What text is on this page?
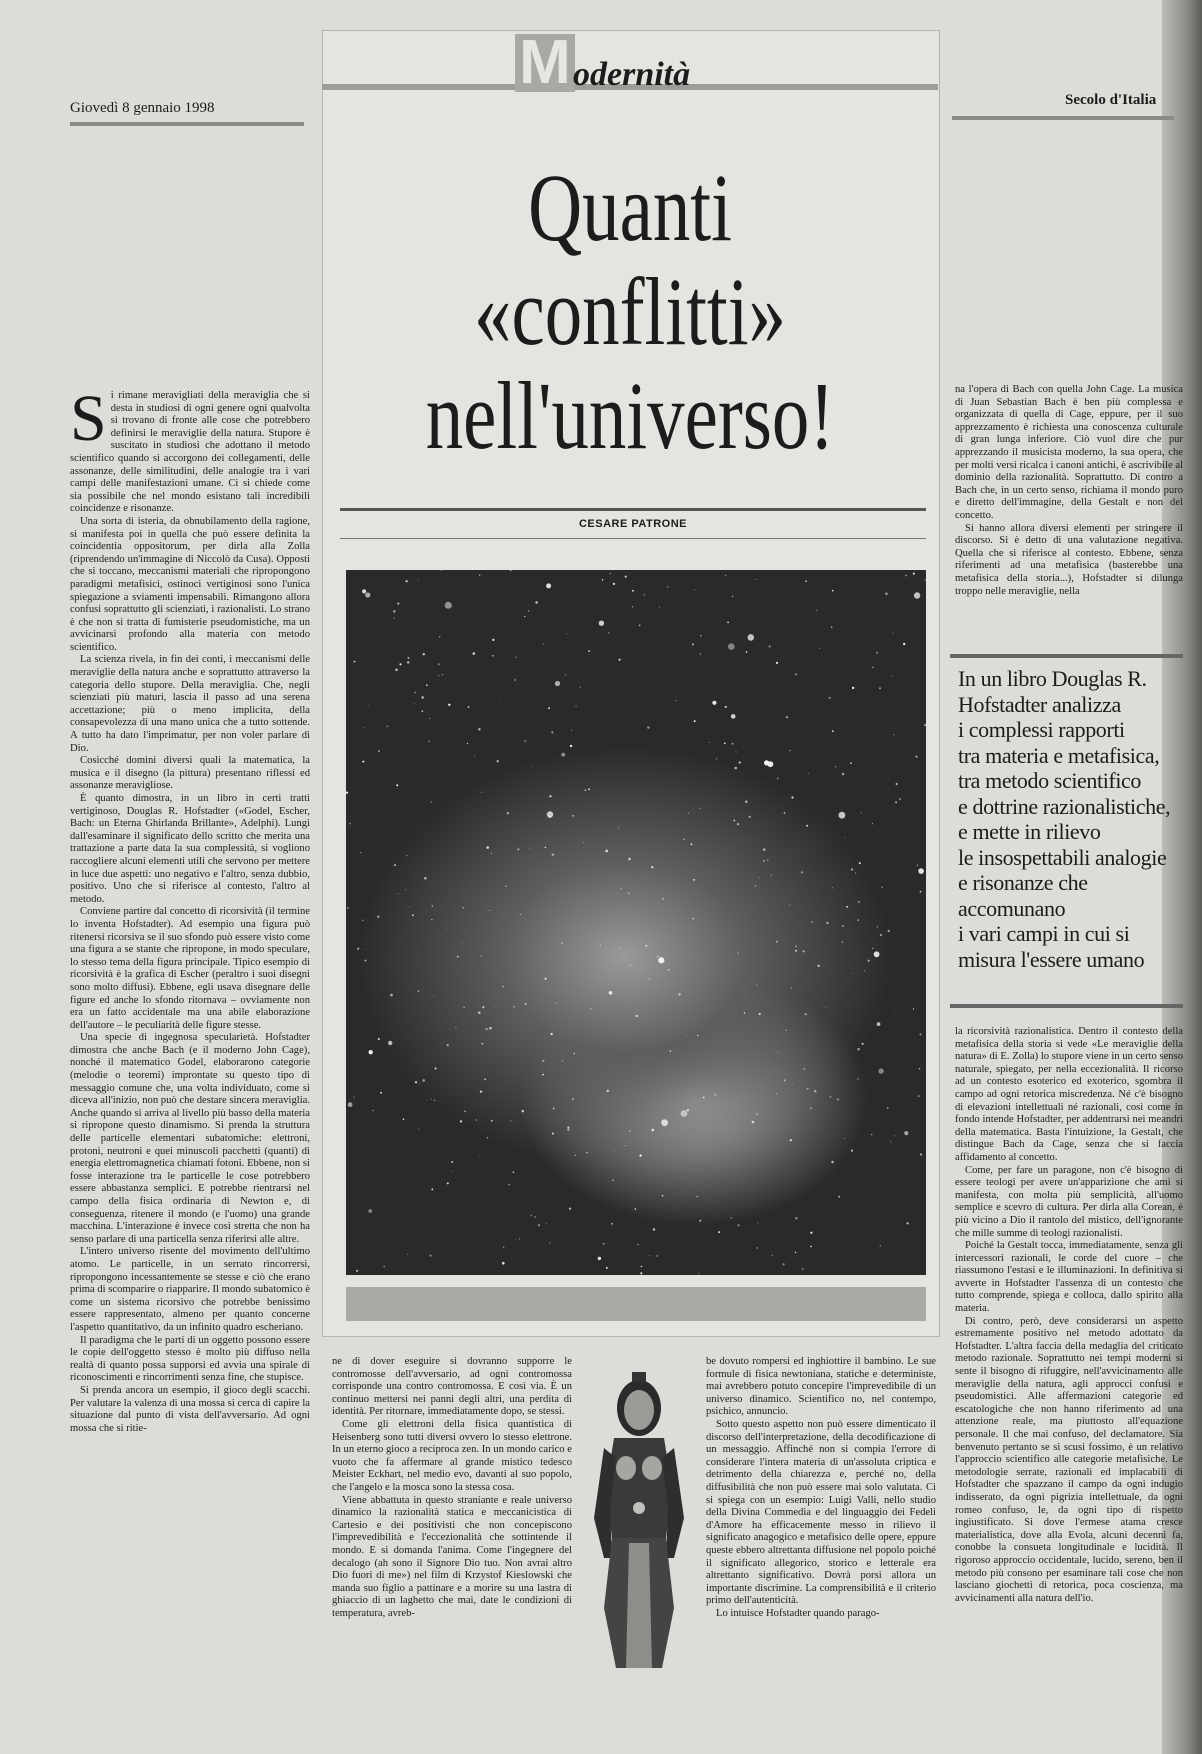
Giovedì 8 gennaio 1998	Secolo d'Italia
M odernità
Quanti
«conflitti»
nell'universo!
CESARE PATRONE

Si rimane meravigliati della meraviglia che si desta in studiosi di ogni genere ogni qualvolta si trovano di fronte alle cose che potrebbero definirsi le meraviglie della natura. Stupore è suscitato in studiosi che adottano il metodo scientifico quando si accorgono dei collegamenti, delle assonanze, delle similitudini, delle analogie tra i vari campi delle manifestazioni umane. Ci si chiede come sia possibile che nel mondo esistano tali incredibili coincidenze e risonanze.

Una sorta di isteria, da obnubilamento della ragione, si manifesta poi in quella che può essere definita la coincidentia oppositorum, per dirla alla Zolla (riprendendo un'immagine di Niccolò da Cusa). Opposti che si toccano, meccanismi materiali che ripropongono paradigmi metafisici, ostinoci vertiginosi sono l'unica spiegazione a sviamenti impensabili. Rimangono allora confusi soprattutto gli scienziati, i razionalisti. Lo strano è che non si tratta di fumisterie pseudomistiche, ma un avvicinarsi profondo alla materia con metodo scientifico.

La scienza rivela, in fin dei conti, i meccanismi delle meraviglie della natura anche e soprattutto attraverso la categoria dello stupore. Della meraviglia. Che, negli scienziati più maturi, lascia il passo ad una serena accettazione; più o meno implicita, della consapevolezza di una mano unica che a tutto sottende. A tutto ha dato l'imprimatur, per non voler parlare di Dio.

Cosicché domini diversi quali la matematica, la musica e il disegno (la pittura) presentano riflessi ed assonanze meravigliose.

È quanto dimostra, in un libro in certi tratti vertiginoso, Douglas R. Hofstadter («Godel, Escher, Bach: un Eterna Ghirlanda Brillante», Adelphi). Lungi dall'esaminare il significato dello scritto che merita una trattazione a parte data la sua complessità, si vogliono raccogliere alcuni elementi utili che servono per mettere in luce due aspetti: uno negativo e l'altro, senza dubbio, positivo. Uno che si riferisce al contesto, l'altro al metodo.

Conviene partire dal concetto di ricorsività (il termine lo inventa Hofstadter). Ad esempio una figura può ritenersi ricorsiva se il suo sfondo può essere visto come una figura a se stante che ripropone, in modo speculare, lo stesso tema della figura principale. Tipico esempio di ricorsività è la grafica di Escher (peraltro i suoi disegni sono molto diffusi). Ebbene, egli usava disegnare delle figure ed anche lo sfondo ritornava – ovviamente non era un fatto accidentale ma una abile elaborazione dell'autore – le peculiarità delle figure stesse.

Una specie di ingegnosa specularietà. Hofstadter dimostra che anche Bach (e il moderno John Cage), nonché il matematico Godel, elaborarono categorie (melodie o teoremi) improntate su questo tipo di messaggio comune che, una volta individuato, come si diceva all'inizio, non può che destare sincera meraviglia. Anche quando si arriva al livello più basso della materia si ripropone questo dinamismo. Si prenda la struttura delle particelle elementari subatomiche: elettroni, protoni, neutroni e quei minuscoli pacchetti (quanti) di energia elettromagnetica chiamati fotoni. Ebbene, non si fosse interazione tra le particelle le cose potrebbero essere abbastanza semplici. E potrebbe rientrarsi nel campo della fisica ordinaria di Newton e, di conseguenza, ritenere il mondo (e l'uomo) una grande macchina. L'interazione è invece così stretta che non ha senso parlare di una particella senza riferirsi alle altre.

L'intero universo risente del movimento dell'ultimo atomo. Le particelle, in un serrato rincorrersi, ripropongono incessantemente se stesse e ciò che erano prima di scomparire o riapparire. Il mondo subatomico è come un sistema ricorsivo che potrebbe benissimo essere rappresentato, almeno per quanto concerne l'aspetto quantitativo, da un infinito quadro escheriano.

Il paradigma che le parti di un oggetto possono essere le copie dell'oggetto stesso è molto più diffuso nella realtà di quanto possa supporsi ed avvia una spirale di riconoscimenti e rincorrimenti senza fine, che stupisce.

Si prenda ancora un esempio, il gioco degli scacchi. Per valutare la valenza di una mossa si cerca di capire la situazione dal punto di vista dell'avversario. Ad ogni mossa che si ritie-

ne di dover eseguire si dovranno supporre le contromosse dell'avversario, ad ogni contromossa corrisponde una contro contromossa. E così via. È un continuo mettersi nei panni degli altri, una perdita di identità. Per ritornare, immediatamente dopo, se stessi.

Come gli elettroni della fisica quantistica di Heisenberg sono tutti diversi ovvero lo stesso elettrone. In un eterno gioco a reciproca zen. In un mondo carico e vuoto che fa affermare al grande mistico tedesco Meister Eckhart, nel medio evo, davanti al suo popolo, che l'angelo e la mosca sono la stessa cosa.

Viene abbattuta in questo straniante e reale universo dinamico la razionalità statica e meccanicistica di Cartesio e dei positivisti che non concepiscono l'imprevedibilità e l'eccezionalità che sottintende il mondo. E si domanda l'anima. Come l'ingegnere del decalogo (ah sono il Signore Dio tuo. Non avrai altro Dio fuori di me») nel film di Krzystof Kieslowski che manda suo figlio a pattinare e a morire su una lastra di ghiaccio di un laghetto che mai, date le condizioni di temperatura, avreb-

be dovuto rompersi ed inghiottire il bambino. Le sue formule di fisica newtoniana, statiche e deterministe, mai avrebbero potuto concepire l'imprevedibile di un universo dinamico. Scientifico no, nel contempo, psichico, annuncio.

Sotto questo aspetto non può essere dimenticato il discorso dell'interpretazione, della decodificazione di un messaggio. Affinché non si compia l'errore di considerare l'intera materia di un'assoluta criptica e detrimento della chiarezza e, perché no, della diffusibilità che non può essere mai solo valutata. Ci si spiega con un esempio: Luigi Valli, nello studio della Divina Commedia e del linguaggio dei Fedeli d'Amore ha efficacemente messo in rilievo il significato anagogico e metafisico delle opere, eppure queste ebbero altrettanta diffusione nel popolo poiché il significato allegorico, storico e letterale era altrettanto significativo. Dovrà porsi allora un importante discrimine. La comprensibilità e il criterio primo dell'autenticità.

Lo intuisce Hofstadter quando parago-

na l'opera di Bach con quella John Cage. La musica di Juan Sebastian Bach è ben più complessa e organizzata di quella di Cage, eppure, per il suo apprezzamento è richiesta una conoscenza culturale di gran lunga inferiore. Ciò vuol dire che pur apprezzando il musicista moderno, la sua opera, che per molti versi ricalca i canoni antichi, è ascrivibile al dominio della razionalità. Soprattutto. Di contro a Bach che, in un certo senso, richiama il mondo puro e diretto dell'immagine, della Gestalt e non del concetto.

Si hanno allora diversi elementi per stringere il discorso. Si è detto di una valutazione negativa. Quella che si riferisce al contesto. Ebbene, senza riferimenti ad una metafisica (basterebbe una metafisica della storia...), Hofstadter si dilunga troppo nelle meraviglie, nella

In un libro Douglas R.
Hofstadter analizza
i complessi rapporti
tra materia e metafisica,
tra metodo scientifico
e dottrine razionalistiche,
e mette in rilievo
le insospettabili analogie
e risonanze che
accomunano
i vari campi in cui si
misura l'essere umano

la ricorsività razionalistica. Dentro il contesto della metafisica della storia si vede «Le meraviglie della natura» di E. Zolla) lo stupore viene in un certo senso naturale, spiegato, per nella eccezionalità. Il ricorso ad un contesto esoterico ed exoterico, sgombra il campo ad ogni retorica miscredenza. Né c'è bisogno di elevazioni intellettuali né razionali, così come in fondo intende Hofstadter, per addentrarsi nei meandri della matematica. Basta l'intuizione, la Gestalt, che distingue Bach da Cage, senza che si faccia affidamento al concetto.

Come, per fare un paragone, non c'è bisogno di essere teologi per avere un'apparizione che ami si manifesta, con molta più semplicità, all'uomo semplice e scevro di cultura. Per dirla alla Corean, è più vicino a Dio il rantolo del mistico, dell'ignorante che mille summe di teologi razionalisti.

Poiché la Gestalt tocca, immediatamente, senza gli intercessori razionali, le corde del cuore – che riassumono l'estasi e le illuminazioni. In definitiva si avverte in Hofstadter l'assenza di un contesto che tutto comprende, spiega e colloca, dallo spirito alla materia.

Di contro, però, deve considerarsi un aspetto estremamente positivo nel metodo adottato da Hofstadter. L'altra faccia della medaglia del criticato metodo razionale. Soprattutto nei tempi moderni si sente il bisogno di rifuggire, nell'avvicinamento alle meraviglie della natura, agli approcci confusi e pseudomistici. Alle affermazioni categorie ed escatologiche che non hanno riferimento ad una attenzione reale, ma piuttosto all'equazione personale. Il che mai confuso, del declamatore. Sia benvenuto pertanto se si scusi fossimo, è un relativo l'approccio scientifico alle categorie metafisiche. Le metodologie serrate, razionali ed implacabili di Hofstadter che spazzano il campo da ogni indugio indisserato, da ogni pigrizia intellettuale, da ogni romeo confuso, le, da ogni tipo di rispetto ingiustificato. Si dove l'ermese atama cresce materialistica, dove alla Evola, alcuni decenni fa, conobbe la consueta longitudinale e lucidità. Il rigoroso approccio occidentale, lucido, sereno, ben il metodo più consono per esaminare tali cose che non lasciano giochetti di retorica, poca coscienza, ma avvicinamenti alla natura dell'io.
